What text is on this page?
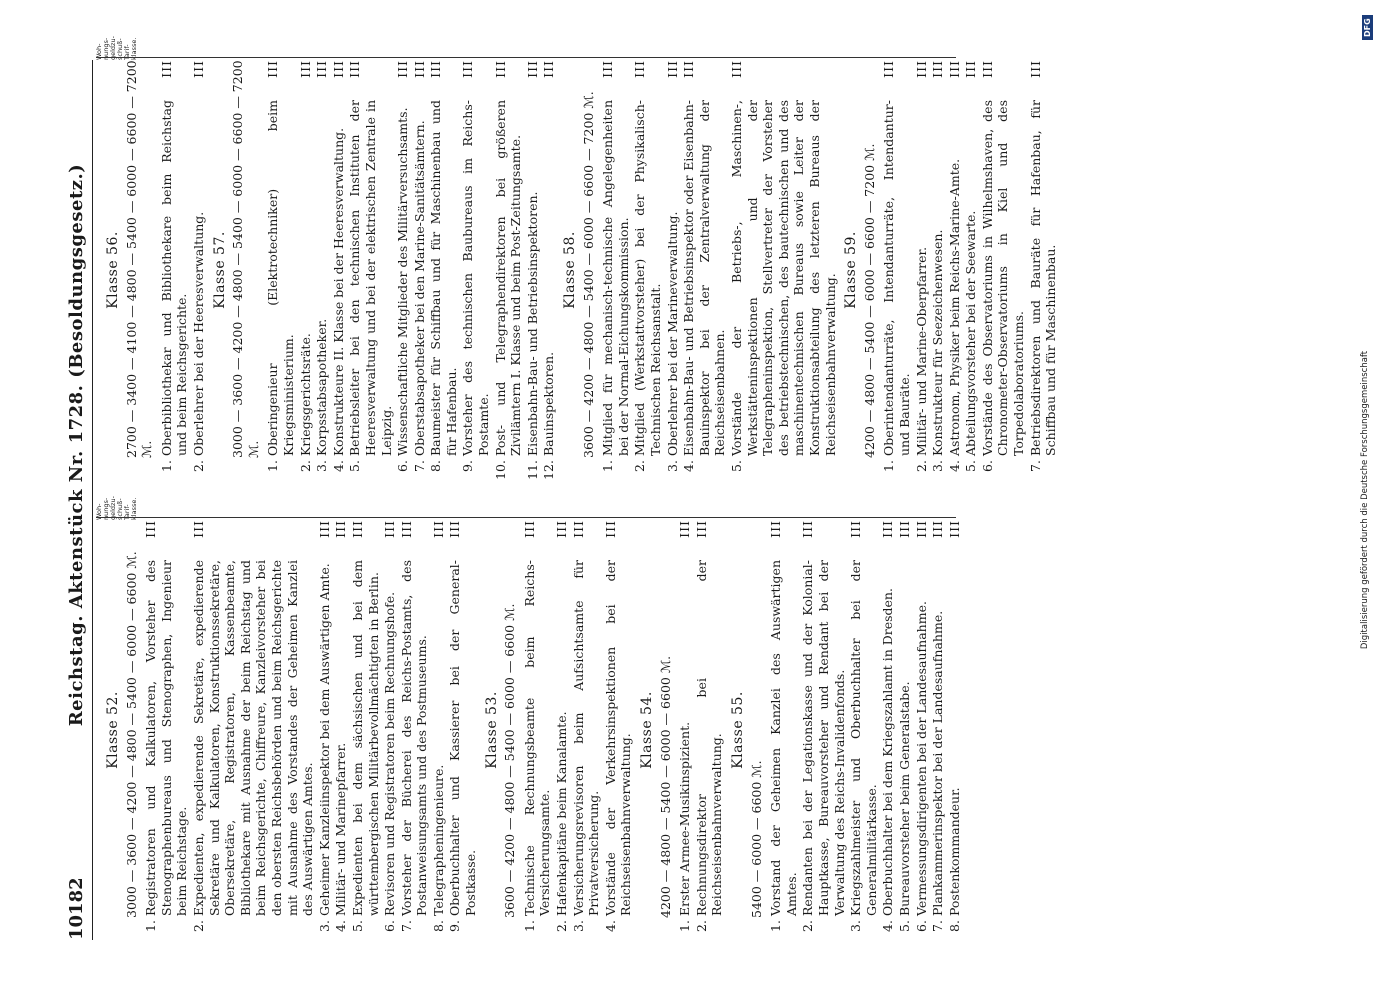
10182
Reichstag. Aktenstück Nr. 1728. (Besoldungsgesetz.) Woh-
nungs-
geldzu-
schuß-
Tarif-
klasse.
Woh-
nungs-
geldzu-
schuß-
Tarif-
klasse.
Klasse 52. 3000 — 3600 — 4200 — 4800 — 5400 — 6000 — 6600 ℳ.
1.
Registratoren und Kalkulatoren, Vorsteher des Stenographenbureaus und Stenographen, Ingenieur beim Reichstage.
III
2.
Expedienten, expedierende Sekretäre, expedierende Sekretäre und Kalkulatoren, Konstruktionssekretäre, Obersekretäre, Registratoren, Kassenbeamte, Bibliothekare mit Ausnahme der beim Reichstag und beim Reichsgerichte, Chiffreure, Kanzleivorsteher bei den obersten Reichsbehörden und beim Reichsgerichte mit Ausnahme des Vorstandes der Geheimen Kanzlei des Auswärtigen Amtes.
III
3.
Geheimer Kanzleiinspektor bei dem Auswärtigen Amte.
III
4.
Militär- und Marinepfarrer.
III
5.
Expedienten bei dem sächsischen und bei dem württembergischen Militärbevollmächtigten in Berlin.
III
6.
Revisoren und Registratoren beim Rechnungshofe.
III
7.
Vorsteher der Bücherei des Reichs-Postamts, des Postanweisungsamts und des Postmuseums.
III
8.
Telegrapheningenieure.
III
9.
Oberbuchhalter und Kassierer bei der General-Postkasse.
III
Klasse 53. 3600 — 4200 — 4800 — 5400 — 6000 — 6600 ℳ.
1.
Technische Rechnungsbeamte beim Reichs-Versicherungsamte.
III
2.
Hafenkapitäne beim Kanalamte.
III
3.
Versicherungsrevisoren beim Aufsichtsamte für Privatversicherung.
III
4.
Vorstände der Verkehrsinspektionen bei der Reichseisenbahnverwaltung.
III
Klasse 54. 4200 — 4800 — 5400 — 6000 — 6600 ℳ.
1.
Erster Armee-Musikinspizient.
III
2.
Rechnungsdirektor bei der Reichseisenbahnverwaltung.
III
Klasse 55.
5400 — 6000 — 6600 ℳ.
1.
Vorstand der Geheimen Kanzlei des Auswärtigen Amtes.
III
2.
Rendanten bei der Legationskasse und der Kolonial-Hauptkasse, Bureauvorsteher und Rendant bei der Verwaltung des Reichs-Invalidenfonds.
III
3.
Kriegszahlmeister und Oberbuchhalter bei der Generalmilitärkasse.
III
4.
Oberbuchhalter bei dem Kriegszahlamt in Dresden.
III
5.
Bureauvorsteher beim Generalstabe.
III
6.
Vermessungsdirigenten bei der Landesaufnahme.
III
7.
Plankammerinspektor bei der Landesaufnahme.
III
8.
Postenkommandeur.
III
Klasse 56. 2700 — 3400 — 4100 — 4800 — 5400 — 6000 — 6600 — 7200 ℳ.
1.
Oberbibliothekar und Bibliothekare beim Reichstag und beim Reichsgerichte.
III
2.
Oberlehrer bei der Heeresverwaltung.
III
Klasse 57. 3000 — 3600 — 4200 — 4800 — 5400 — 6000 — 6600 — 7200 ℳ.
1.
Oberingenieur (Elektrotechniker) beim Kriegsministerium.
III
2.
Kriegsgerichtsräte.
III
3.
Korpsstabsapotheker.
III
4.
Konstrukteure II. Klasse bei der Heeresverwaltung.
III
5.
Betriebsleiter bei den technischen Instituten der Heeresverwaltung und bei der elektrischen Zentrale in Leipzig.
III
6.
Wissenschaftliche Mitglieder des Militärversuchsamts.
III
7.
Oberstabsapotheker bei den Marine-Sanitätsämtern.
III
8.
Baumeister für Schiffbau und für Maschinenbau und für Hafenbau.
III
9.
Vorsteher des technischen Baubureaus im Reichs-Postamte.
III
10.
Post- und Telegraphendirektoren bei größeren Zivilämtern I. Klasse und beim Post-Zeitungsamte.
III
11.
Eisenbahn-Bau- und Betriebsinspektoren.
III
12.
Bauinspektoren.
III
Klasse 58. 3600 — 4200 — 4800 — 5400 — 6000 — 6600 — 7200 ℳ.
1.
Mitglied für mechanisch-technische Angelegenheiten bei der Normal-Eichungskommission.
III
2.
Mitglied (Werkstattvorsteher) bei der Physikalisch-Technischen Reichsanstalt.
III
3.
Oberlehrer bei der Marineverwaltung.
III
4.
Eisenbahn-Bau- und Betriebsinspektor oder Eisenbahn-Bauinspektor bei der Zentralverwaltung der Reichseisenbahnen.
III
5.
Vorstände der Betriebs-, Maschinen-, Werkstätteninspektionen und der Telegrapheninspektion, Stellvertreter der Vorsteher des betriebstechnischen, des bautechnischen und des maschinentechnischen Bureaus sowie Leiter der Konstruktionsabteilung des letzteren Bureaus der Reichseisenbahnverwaltung.
III
Klasse 59. 4200 — 4800 — 5400 — 6000 — 6600 — 7200 ℳ.
1.
Oberintendanturräte, Intendanturräte, Intendantur- und Bauräte.
III
2.
Militär- und Marine-Oberpfarrer.
III
3.
Konstrukteur für Seezeichenwesen.
III
4.
Astronom, Physiker beim Reichs-Marine-Amte.
III
5.
Abteilungsvorsteher bei der Seewarte.
III
6.
Vorstände des Observatoriums in Wilhelmshaven, des Chronometer-Observatoriums in Kiel und des Torpedolaboratoriums.
III
7.
Betriebsdirektoren und Bauräte für Hafenbau, für Schiffbau und für Maschinenbau.
III
Digitalisierung gefördert durch die Deutsche Forschungsgemeinschaft
DFG
